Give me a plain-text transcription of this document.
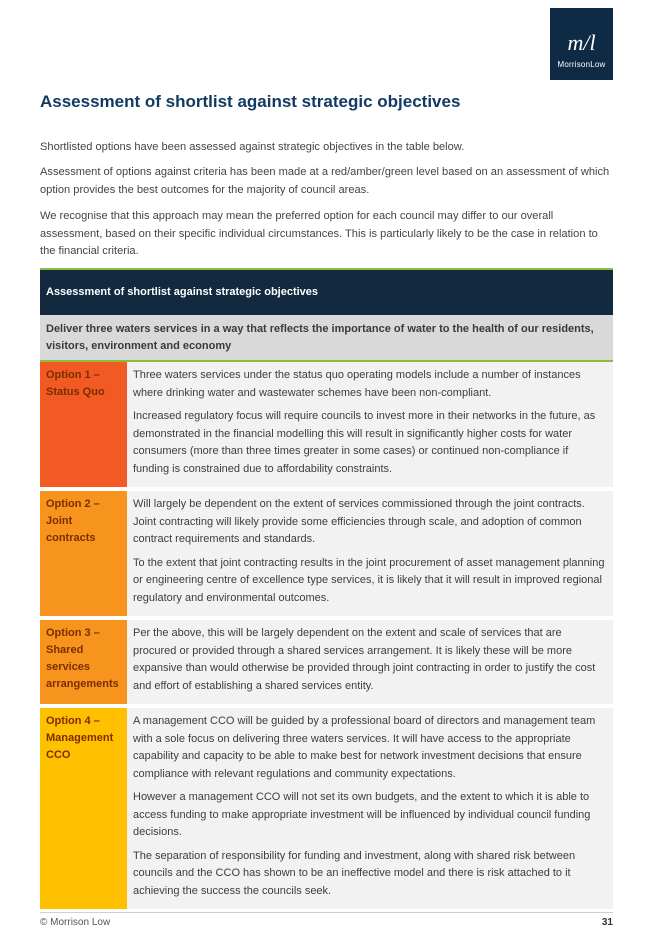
m/l
MorrisonLow
Assessment of shortlist against strategic objectives

Shortlisted options have been assessed against strategic objectives in the table below.

Assessment of options against criteria has been made at a red/amber/green level based on an assessment of which option provides the best outcomes for the majority of council areas.

We recognise that this approach may mean the preferred option for each council may differ to our overall assessment, based on their specific individual circumstances. This is particularly likely to be the case in relation to the financial criteria.

Assessment of shortlist against strategic objectives
Deliver three waters services in a way that reflects the importance of water to the health of our residents, visitors, environment and economy
Option 1 – Status Quo

Three waters services under the status quo operating models include a number of instances where drinking water and wastewater schemes have been non-compliant.

Increased regulatory focus will require councils to invest more in their networks in the future, as demonstrated in the financial modelling this will result in significantly higher costs for water consumers (more than three times greater in some cases) or continued non-compliance if funding is constrained due to affordability constraints.

Option 2 – Joint contracts

Will largely be dependent on the extent of services commissioned through the joint contracts. Joint contracting will likely provide some efficiencies through scale, and adoption of common contract requirements and standards.

To the extent that joint contracting results in the joint procurement of asset management planning or engineering centre of excellence type services, it is likely that it will result in improved regional regulatory and environmental outcomes.

Option 3 – Shared services arrangements

Per the above, this will be largely dependent on the extent and scale of services that are procured or provided through a shared services arrangement. It is likely these will be more expansive than would otherwise be provided through joint contracting in order to justify the cost and effort of establishing a shared services entity.

Option 4 – Management CCO

A management CCO will be guided by a professional board of directors and management team with a sole focus on delivering three waters services. It will have access to the appropriate capability and capacity to be able to make best for network investment decisions that ensure compliance with relevant regulations and community expectations.

However a management CCO will not set its own budgets, and the extent to which it is able to access funding to make appropriate investment will be influenced by individual council funding decisions.

The separation of responsibility for funding and investment, along with shared risk between councils and the CCO has shown to be an ineffective model and there is risk attached to it achieving the success the councils seek.

© Morrison Low	31
